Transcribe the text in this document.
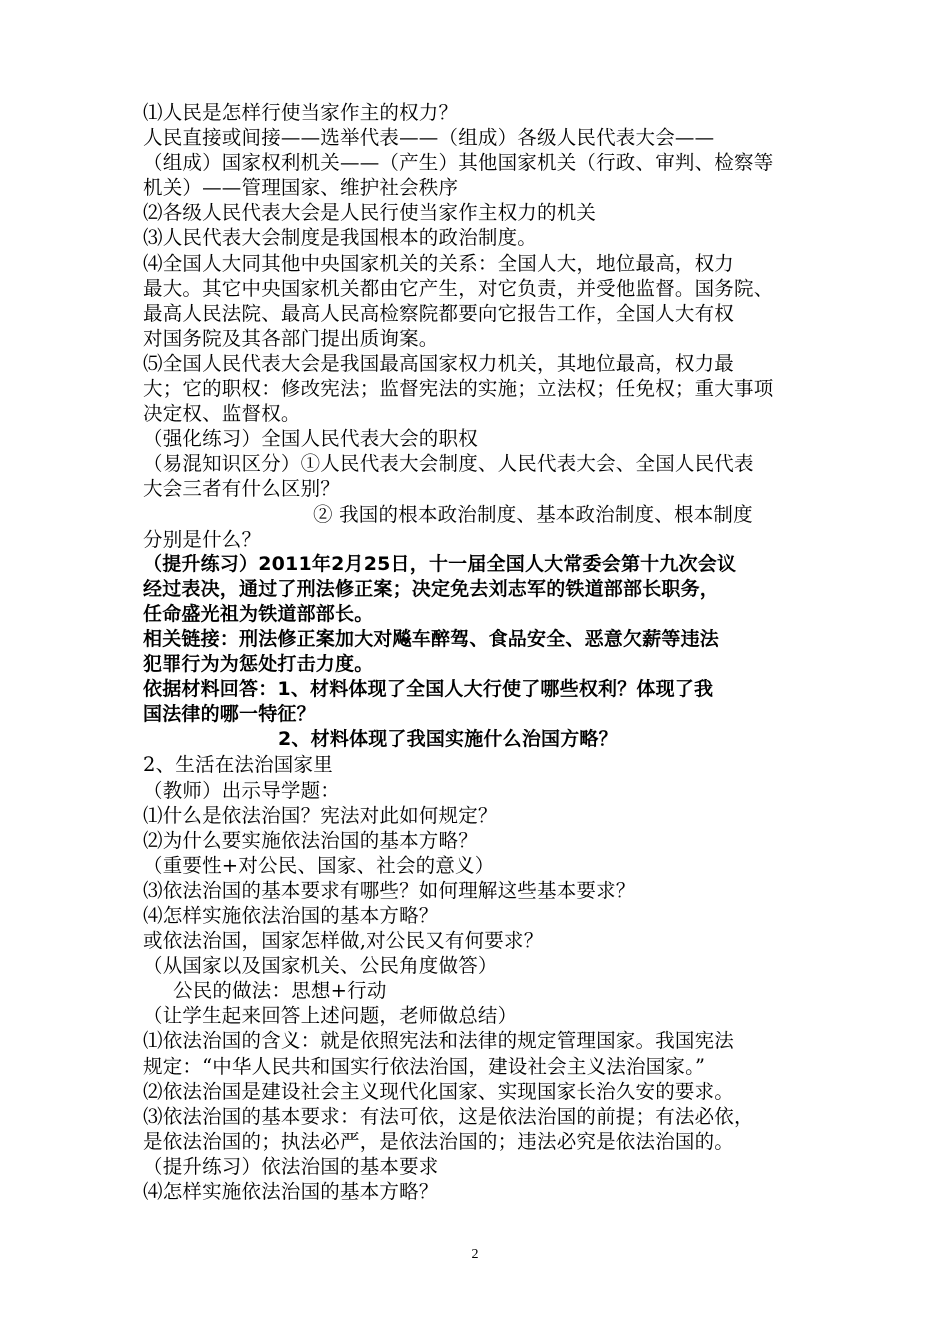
⑴人民是怎样行使当家作主的权力？
人民直接或间接——选举代表——（组成）各级人民代表大会——
（组成）国家权利机关——（产生）其他国家机关（行政、审判、检察等
机关）——管理国家、维护社会秩序
⑵各级人民代表大会是人民行使当家作主权力的机关
⑶人民代表大会制度是我国根本的政治制度。
⑷全国人大同其他中央国家机关的关系：全国人大，地位最高，权力
最大。其它中央国家机关都由它产生，对它负责，并受他监督。国务院、
最高人民法院、最高人民高检察院都要向它报告工作，全国人大有权
对国务院及其各部门提出质询案。
⑸全国人民代表大会是我国最高国家权力机关，其地位最高，权力最
大；它的职权：修改宪法；监督宪法的实施；立法权；任免权；重大事项
决定权、监督权。
（强化练习）全国人民代表大会的职权
（易混知识区分）①人民代表大会制度、人民代表大会、全国人民代表
大会三者有什么区别？
② 我国的根本政治制度、基本政治制度、根本制度
分别是什么？
（提升练习）2011年2月25日，十一届全国人大常委会第十九次会议
经过表决，通过了刑法修正案；决定免去刘志军的铁道部部长职务，
任命盛光祖为铁道部部长。
相关链接：刑法修正案加大对飚车醉驾、食品安全、恶意欠薪等违法
犯罪行为为惩处打击力度。
依据材料回答：1、材料体现了全国人大行使了哪些权利？体现了我
国法律的哪一特征？
2、材料体现了我国实施什么治国方略？
2、生活在法治国家里
（教师）出示导学题：
⑴什么是依法治国？宪法对此如何规定？
⑵为什么要实施依法治国的基本方略？
（重要性+对公民、国家、社会的意义）
⑶依法治国的基本要求有哪些？如何理解这些基本要求？
⑷怎样实施依法治国的基本方略？
或依法治国，国家怎样做,对公民又有何要求？
（从国家以及国家机关、公民角度做答）
公民的做法：思想+行动
（让学生起来回答上述问题，老师做总结）
⑴依法治国的含义：就是依照宪法和法律的规定管理国家。我国宪法
规定：“中华人民共和国实行依法治国，建设社会主义法治国家。”
⑵依法治国是建设社会主义现代化国家、实现国家长治久安的要求。
⑶依法治国的基本要求：有法可依，这是依法治国的前提；有法必依，
是依法治国的；执法必严，是依法治国的；违法必究是依法治国的。
（提升练习）依法治国的基本要求
⑷怎样实施依法治国的基本方略？
2
